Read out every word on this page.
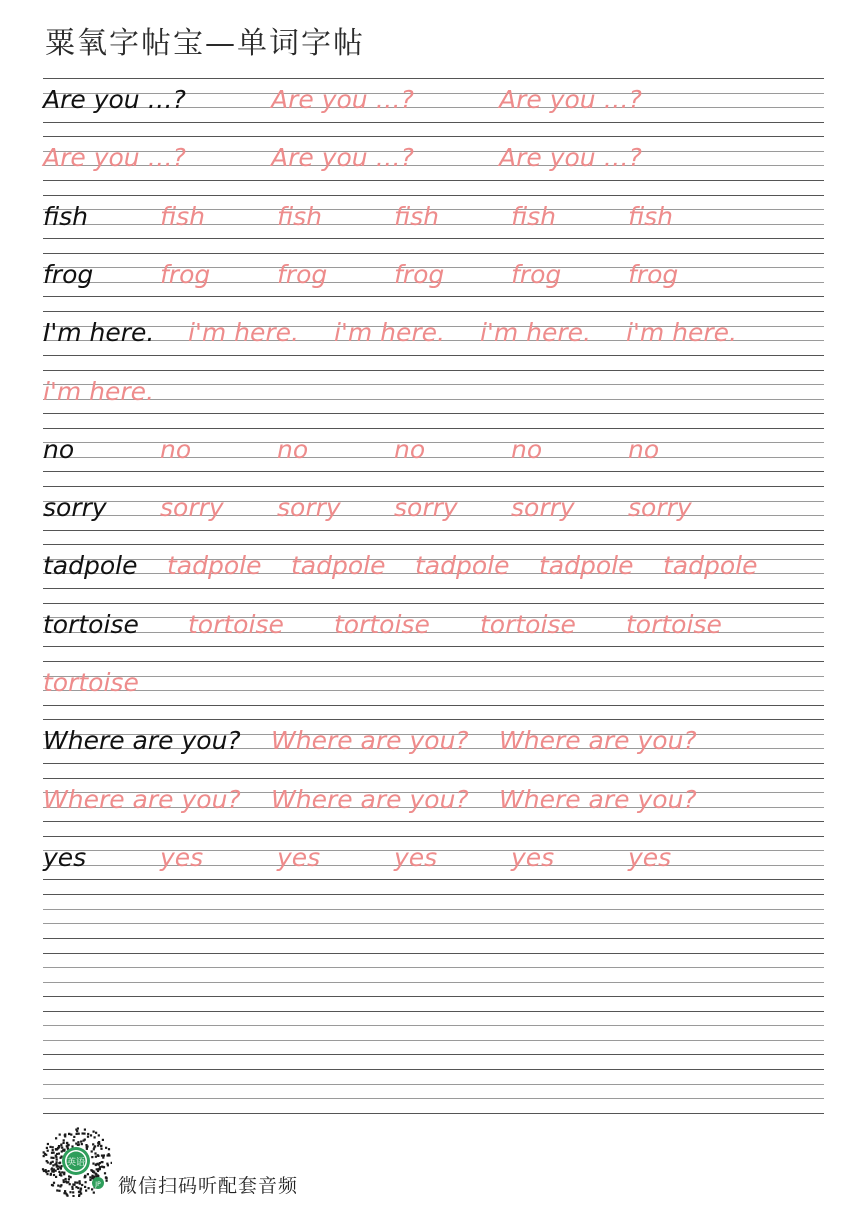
粟氧字帖宝—单词字帖
Are you …?	Are you …?	Are you …?
Are you …?	Are you …?	Are you …?
fish	fish	fish	fish	fish	fish
frog	frog	frog	frog	frog	frog
I'm here. i'm here. i'm here. i'm here. i'm here.
i'm here.
no	no	no	no	no	no
sorry sorry sorry sorry sorry sorry
tadpole tadpole tadpole tadpole tadpole tadpole
tortoise tortoise tortoise tortoise tortoise
tortoise
Where are you? Where are you? Where are you?
Where are you? Where are you? Where are you?
yes	yes	yes	yes	yes	yes
英语
JP 微信扫码听配套音频
